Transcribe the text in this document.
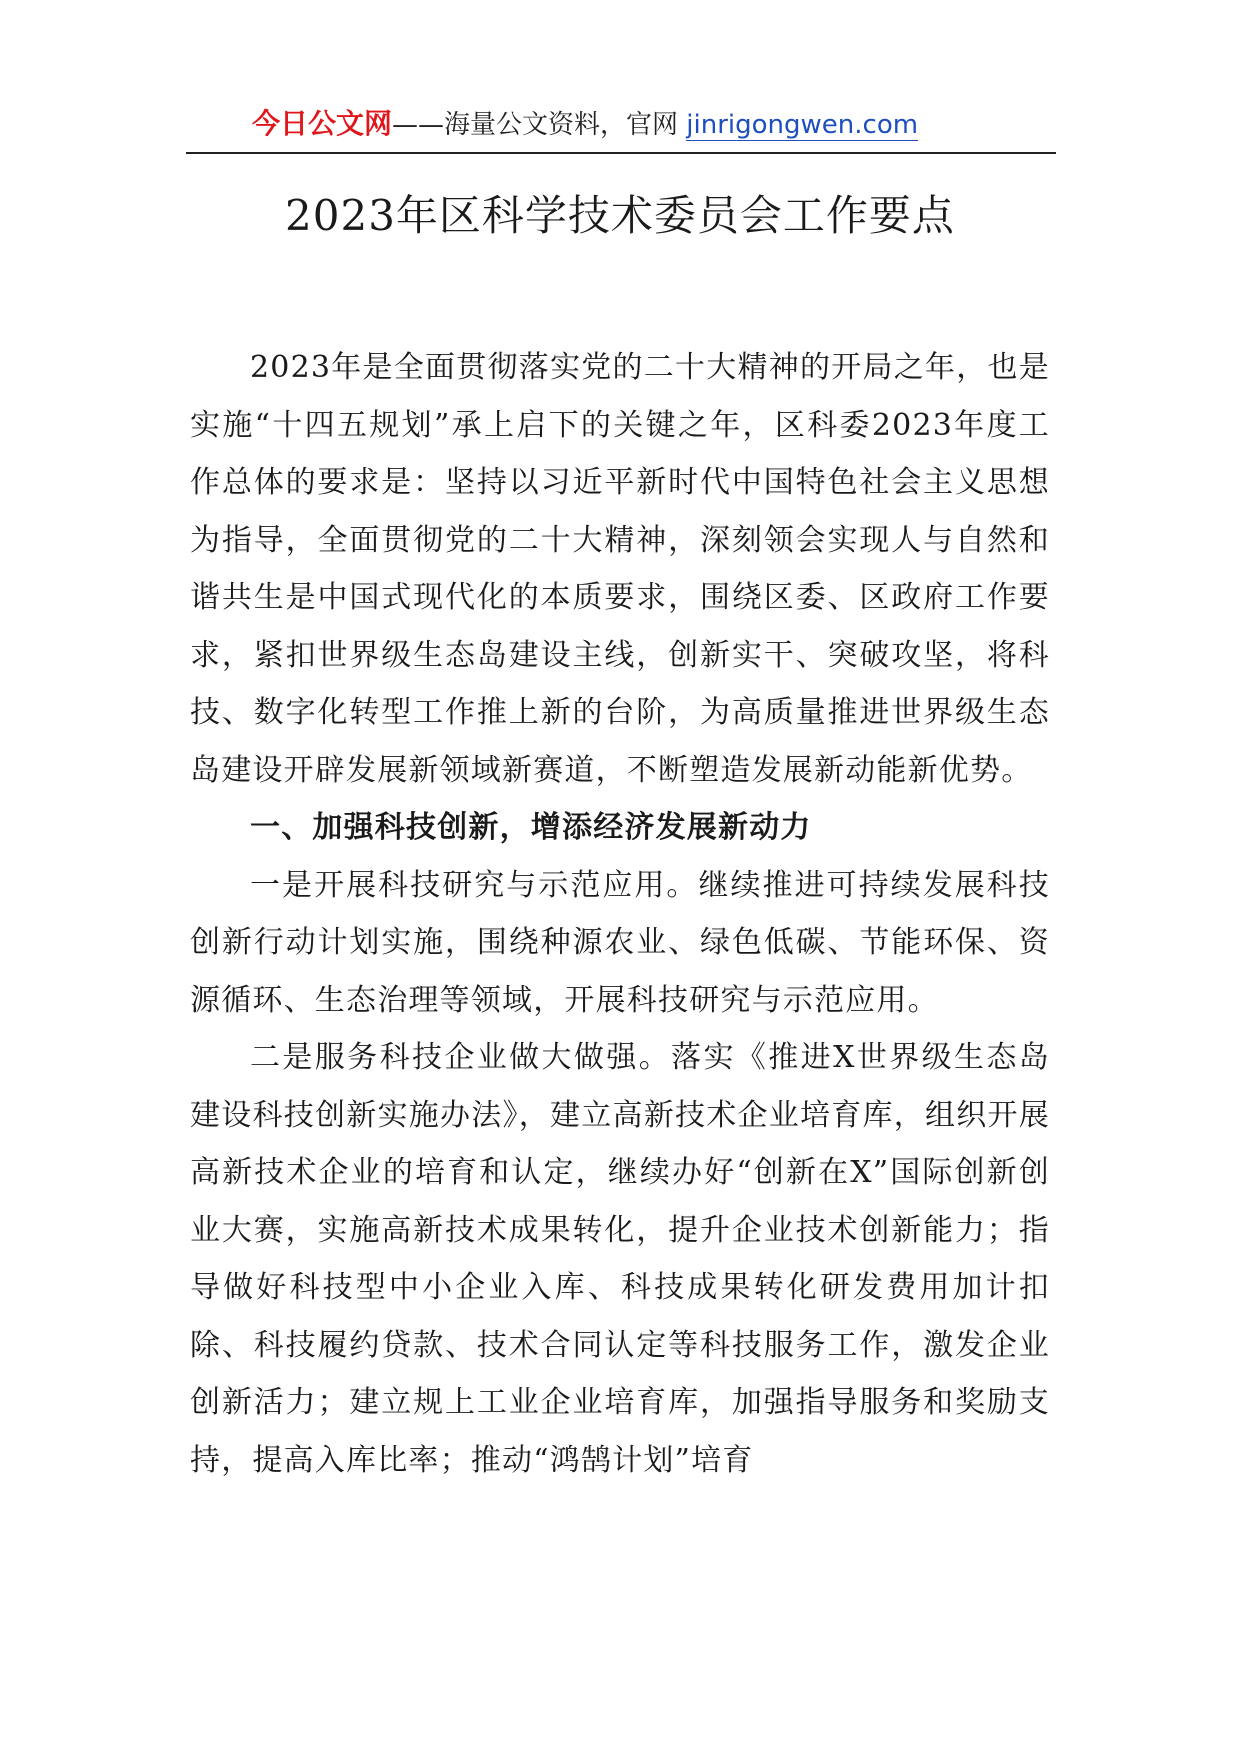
今日公文网——海量公文资料，官网 jinrigongwen.com
2023年区科学技术委员会工作要点

2023年是全面贯彻落实党的二十大精神的开局之年，也是实施“十四五规划”承上启下的关键之年，区科委2023年度工作总体的要求是：坚持以习近平新时代中国特色社会主义思想为指导，全面贯彻党的二十大精神，深刻领会实现人与自然和谐共生是中国式现代化的本质要求，围绕区委、区政府工作要求，紧扣世界级生态岛建设主线，创新实干、突破攻坚，将科技、数字化转型工作推上新的台阶，为高质量推进世界级生态岛建设开辟发展新领域新赛道，不断塑造发展新动能新优势。

一、加强科技创新，增添经济发展新动力

一是开展科技研究与示范应用。继续推进可持续发展科技创新行动计划实施，围绕种源农业、绿色低碳、节能环保、资源循环、生态治理等领域，开展科技研究与示范应用。

二是服务科技企业做大做强。落实《推进X世界级生态岛建设科技创新实施办法》，建立高新技术企业培育库，组织开展高新技术企业的培育和认定，继续办好“创新在X”国际创新创业大赛，实施高新技术成果转化，提升企业技术创新能力；指导做好科技型中小企业入库、科技成果转化研发费用加计扣除、科技履约贷款、技术合同认定等科技服务工作，激发企业创新活力；建立规上工业企业培育库，加强指导服务和奖励支持，提高入库比率；推动“鸿鹄计划”培育
